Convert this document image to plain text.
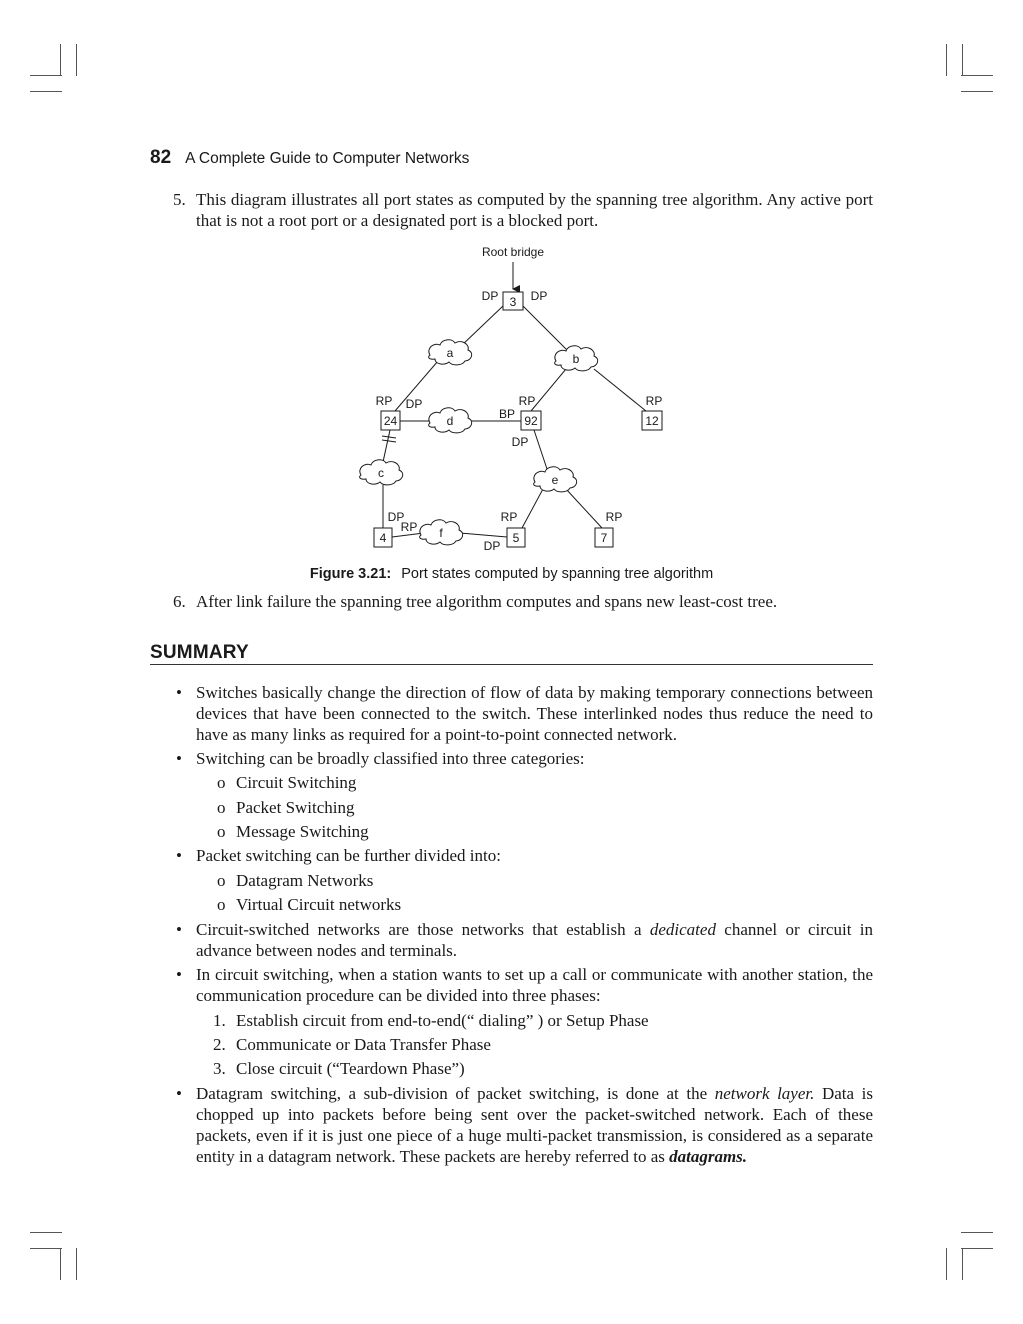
82 A Complete Guide to Computer Networks
5. This diagram illustrates all port states as computed by the spanning tree algorithm. Any active port that is not a root port or a designated port is a blocked port.
Root bridge
a	b
d
c	e
f
3
24	92	12
4	5	7
DP	DP
RP DP	RP
BP
DP
RP
DP
RP
RP
DP
RP
Figure 3.21: Port states computed by spanning tree algorithm
6. After link failure the spanning tree algorithm computes and spans new least-cost tree.
SUMMARY
• Switches basically change the direction of flow of data by making temporary connections between devices that have been connected to the switch. These interlinked nodes thus reduce the need to have as many links as required for a point-to-point connected network.
• Switching can be broadly classified into three categories:
o Circuit Switching
o Packet Switching
o Message Switching
• Packet switching can be further divided into:
o Datagram Networks
o Virtual Circuit networks
• Circuit-switched networks are those networks that establish a dedicated channel or circuit in advance between nodes and terminals.
• In circuit switching, when a station wants to set up a call or communicate with another station, the communication procedure can be divided into three phases:
1. Establish circuit from end-to-end(“ dialing” ) or Setup Phase
2. Communicate or Data Transfer Phase
3. Close circuit (“Teardown Phase”)
• Datagram switching, a sub-division of packet switching, is done at the network layer. Data is chopped up into packets before being sent over the packet-switched network. Each of these packets, even if it is just one piece of a huge multi-packet transmission, is considered as a separate entity in a datagram network. These packets are hereby referred to as datagrams.
